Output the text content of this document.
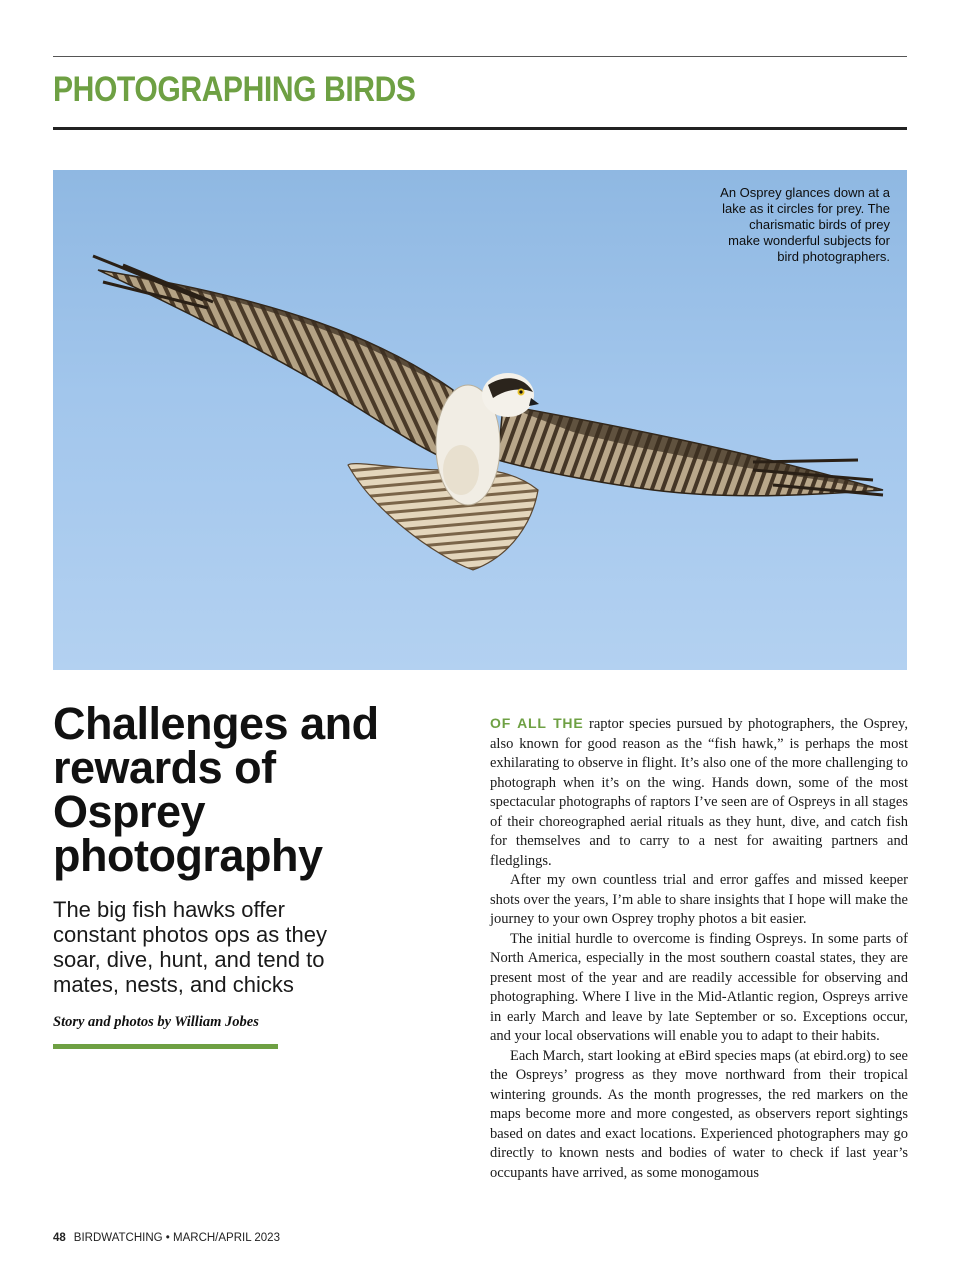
PHOTOGRAPHING BIRDS

An Osprey glances down at a lake as it circles for prey. The charismatic birds of prey make wonderful subjects for bird photographers.

Challenges and rewards of Osprey photography

The big fish hawks offer constant photos ops as they soar, dive, hunt, and tend to mates, nests, and chicks

Story and photos by William Jobes

OF ALL THE raptor species pursued by photographers, the Osprey, also known for good reason as the “fish hawk,” is perhaps the most exhilarating to observe in flight. It’s also one of the more challenging to photograph when it’s on the wing. Hands down, some of the most spectacular photographs of raptors I’ve seen are of Ospreys in all stages of their choreographed aerial rituals as they hunt, dive, and catch fish for themselves and to carry to a nest for awaiting partners and fledglings.

After my own countless trial and error gaffes and missed keeper shots over the years, I’m able to share insights that I hope will make the journey to your own Osprey trophy photos a bit easier.

The initial hurdle to overcome is finding Ospreys. In some parts of North America, especially in the most southern coastal states, they are present most of the year and are readily accessible for observing and photographing. Where I live in the Mid-Atlantic region, Ospreys arrive in early March and leave by late September or so. Exceptions occur, and your local observations will enable you to adapt to their habits.

Each March, start looking at eBird species maps (at ebird.org) to see the Ospreys’ progress as they move northward from their tropical wintering grounds. As the month progresses, the red markers on the maps become more and more congested, as observers report sightings based on dates and exact locations. Experienced photographers may go directly to known nests and bodies of water to check if last year’s occupants have arrived, as some monogamous

48 BIRDWATCHING • MARCH/APRIL 2023
